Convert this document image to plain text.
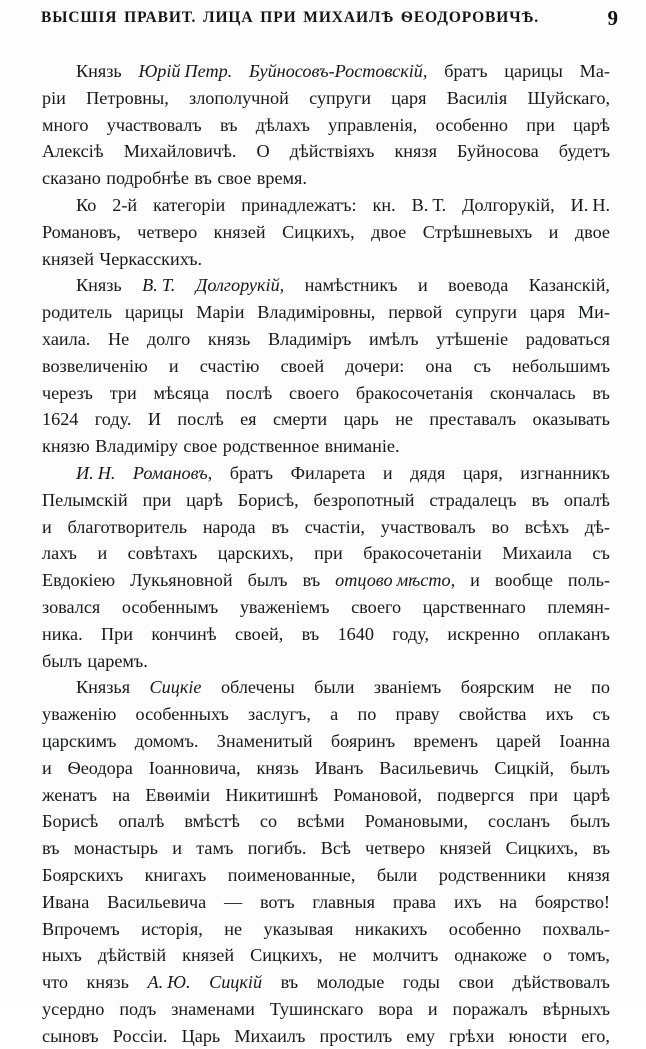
ВЫСШІЯ ПРАВИТ. ЛИЦА ПРИ МИХАИЛѢ ѲЕОДОРОВИЧѢ.	9
Князь Юрій Петр. Буйносовъ-Ростовскій, братъ царицы Ма-
ріи Петровны, злополучной супруги царя Василія Шуйскаго,
много участвовалъ въ дѣлахъ управленія, особенно при царѣ
Алексіѣ Михайловичѣ. О дѣйствіяхъ князя Буйносова будетъ
сказано подробнѣе въ свое время.
Ко 2-й категоріи принадлежатъ: кн. В. Т. Долгорукій, И. Н.
Романовъ, четверо князей Сицкихъ, двое Стрѣшневыхъ и двое
князей Черкасскихъ.
Князь В. Т. Долгорукій, намѣстникъ и воевода Казанскій,
родитель царицы Маріи Владиміровны, первой супруги царя Ми-
хаила. Не долго князь Владиміръ имѣлъ утѣшеніе радоваться
возвеличенію и счастію своей дочери: она съ небольшимъ
черезъ три мѣсяца послѣ своего бракосочетанія скончалась въ
1624 году. И послѣ ея смерти царь не преставалъ оказывать
князю Владиміру свое родственное вниманіе.
И. Н. Романовъ, братъ Филарета и дядя царя, изгнанникъ
Пелымскій при царѣ Борисѣ, безропотный страдалецъ въ опалѣ
и благотворитель народа въ счастіи, участвовалъ во всѣхъ дѣ-
лахъ и совѣтахъ царскихъ, при бракосочетаніи Михаила съ
Евдокіею Лукьяновной былъ въ отцово мѣсто, и вообще поль-
зовался особеннымъ уваженіемъ своего царственнаго племян-
ника. При кончинѣ своей, въ 1640 году, искренно оплаканъ
былъ царемъ.
Князья Сицкіе облечены были званіемъ боярским не по
уваженію особенныхъ заслугъ, а по праву свойства ихъ съ
царскимъ домомъ. Знаменитый бояринъ временъ царей Іоанна
и Ѳеодора Іоанновича, князь Иванъ Васильевичь Сицкій, былъ
женатъ на Евѳиміи Никитишнѣ Романовой, подвергся при царѣ
Борисѣ опалѣ вмѣстѣ со всѣми Романовыми, сосланъ былъ
въ монастырь и тамъ погибъ. Всѣ четверо князей Сицкихъ, въ
Боярскихъ книгахъ поименованные, были родственники князя
Ивана Васильевича — вотъ главныя права ихъ на боярство!
Впрочемъ исторія, не указывая никакихъ особенно похваль-
ныхъ дѣйствій князей Сицкихъ, не молчитъ однакоже о томъ,
что князь А. Ю. Сицкій въ молодые годы свои дѣйствовалъ
усердно подъ знаменами Тушинскаго вора и поражалъ вѣрныхъ
сыновъ Россіи. Царь Михаилъ простилъ ему грѣхи юности его,
